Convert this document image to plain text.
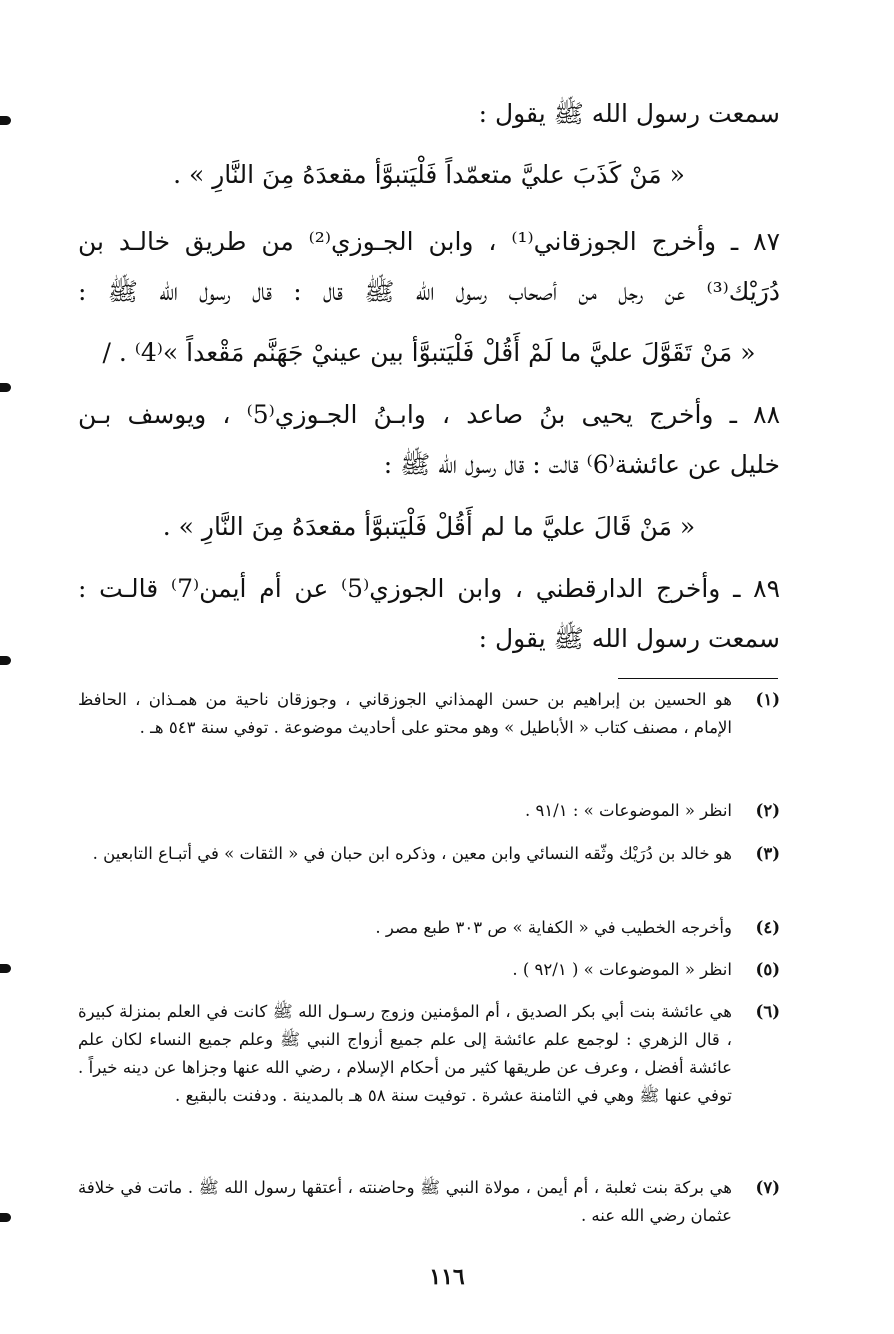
سمعت رسول الله ﷺ يقول :
« مَنْ كَذَبَ عليَّ متعمّداً فَلْيَتبوَّأ مقعدَهُ مِنَ النَّارِ » .
٨٧ ـ وأخرج الجوزقاني⁽¹⁾ ، وابن الجـوزي⁽²⁾ من طريق خالـد بن
دُرَيْك⁽³⁾ عن رجل من أصحاب رسول الله ﷺ قال : قال رسول الله ﷺ :
« مَنْ تَقَوَّلَ عليَّ ما لَمْ أَقُلْ فَلْيَتبوَّأ بين عينيْ جَهَنَّم مَقْعداً »⁽4⁾ . /
٨٨ ـ وأخرج يحيى بنُ صاعد ، وابـنُ الجـوزي⁽5⁾ ، ويوسف بـن
خليل عن عائشة⁽6⁾ قالت : قال رسول الله ﷺ :
« مَنْ قَالَ عليَّ ما لم أَقُلْ فَلْيَتبوَّأ مقعدَهُ مِنَ النَّارِ » .
٨٩ ـ وأخرج الدارقطني ، وابن الجوزي⁽5⁾ عن أم أيمن⁽7⁾ قالـت :
سمعت رسول الله ﷺ يقول :
(١)
هو الحسين بن إبراهيم بن حسن الهمذاني الجوزقاني ، وجوزقان ناحية من همـذان ، الحافظ الإمام ، مصنف كتاب « الأباطيل » وهو محتو على أحاديث موضوعة . توفي سنة ٥٤٣ هـ .
(٢)
انظر « الموضوعات » : ٩١/١ .
(٣)
هو خالد بن دُرَيْك وثّقه النسائي وابن معين ، وذكره ابن حبان في « الثقات » في أتبـاع التابعين .
(٤)
وأخرجه الخطيب في « الكفاية » ص ٣٠٣ طبع مصر .
(٥)
انظر « الموضوعات » ( ٩٢/١ ) .
(٦)
هي عائشة بنت أبي بكر الصديق ، أم المؤمنين وزوج رسـول الله ﷺ كانت في العلم بمنزلة كبيرة ، قال الزهري : لوجمع علم عائشة إلى علم جميع أزواج النبي ﷺ وعلم جميع النساء لكان علم عائشة أفضل ، وعرف عن طريقها كثير من أحكام الإسلام ، رضي الله عنها وجزاها عن دينه خيراً . توفي عنها ﷺ وهي في الثامنة عشرة . توفيت سنة ٥٨ هـ بالمدينة . ودفنت بالبقيع .
(٧)
هي بركة بنت ثعلبة ، أم أيمن ، مولاة النبي ﷺ وحاضنته ، أعتقها رسول الله ﷺ . ماتت في خلافة عثمان رضي الله عنه .
١١٦
